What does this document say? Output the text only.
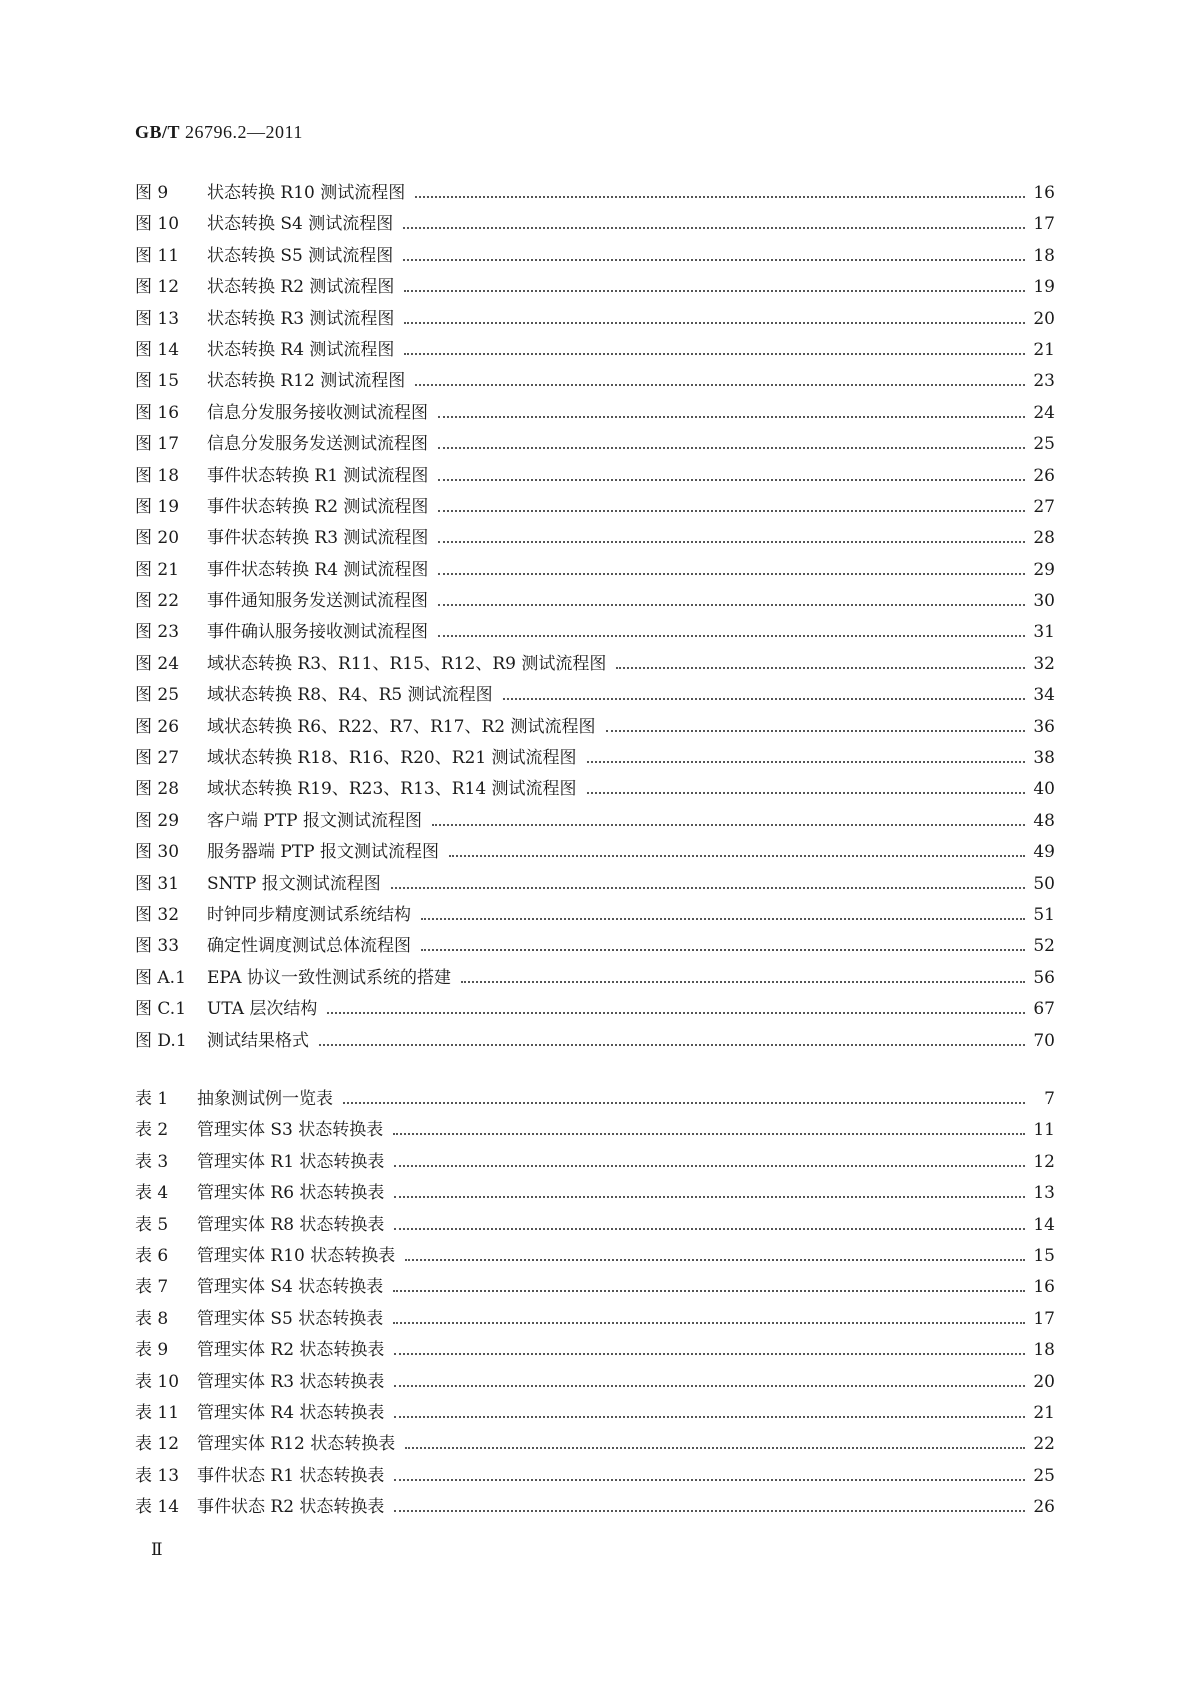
GB/T 26796.2—2011
图 9	状态转换 R10 测试流程图	16
图 10	状态转换 S4 测试流程图	17
图 11	状态转换 S5 测试流程图	18
图 12	状态转换 R2 测试流程图	19
图 13	状态转换 R3 测试流程图	20
图 14	状态转换 R4 测试流程图	21
图 15	状态转换 R12 测试流程图	23
图 16	信息分发服务接收测试流程图	24
图 17	信息分发服务发送测试流程图	25
图 18	事件状态转换 R1 测试流程图	26
图 19	事件状态转换 R2 测试流程图	27
图 20	事件状态转换 R3 测试流程图	28
图 21	事件状态转换 R4 测试流程图	29
图 22	事件通知服务发送测试流程图	30
图 23	事件确认服务接收测试流程图	31
图 24	域状态转换 R3、R11、R15、R12、R9 测试流程图	32
图 25	域状态转换 R8、R4、R5 测试流程图	34
图 26	域状态转换 R6、R22、R7、R17、R2 测试流程图	36
图 27	域状态转换 R18、R16、R20、R21 测试流程图	38
图 28	域状态转换 R19、R23、R13、R14 测试流程图	40
图 29	客户端 PTP 报文测试流程图	48
图 30	服务器端 PTP 报文测试流程图	49
图 31	SNTP 报文测试流程图	50
图 32	时钟同步精度测试系统结构	51
图 33	确定性调度测试总体流程图	52
图 A.1	EPA 协议一致性测试系统的搭建	56
图 C.1	UTA 层次结构	67
图 D.1	测试结果格式	70
表 1	抽象测试例一览表	7
表 2	管理实体 S3 状态转换表	11
表 3	管理实体 R1 状态转换表	12
表 4	管理实体 R6 状态转换表	13
表 5	管理实体 R8 状态转换表	14
表 6	管理实体 R10 状态转换表	15
表 7	管理实体 S4 状态转换表	16
表 8	管理实体 S5 状态转换表	17
表 9	管理实体 R2 状态转换表	18
表 10	管理实体 R3 状态转换表	20
表 11	管理实体 R4 状态转换表	21
表 12	管理实体 R12 状态转换表	22
表 13	事件状态 R1 状态转换表	25
表 14	事件状态 R2 状态转换表	26
Ⅱ
